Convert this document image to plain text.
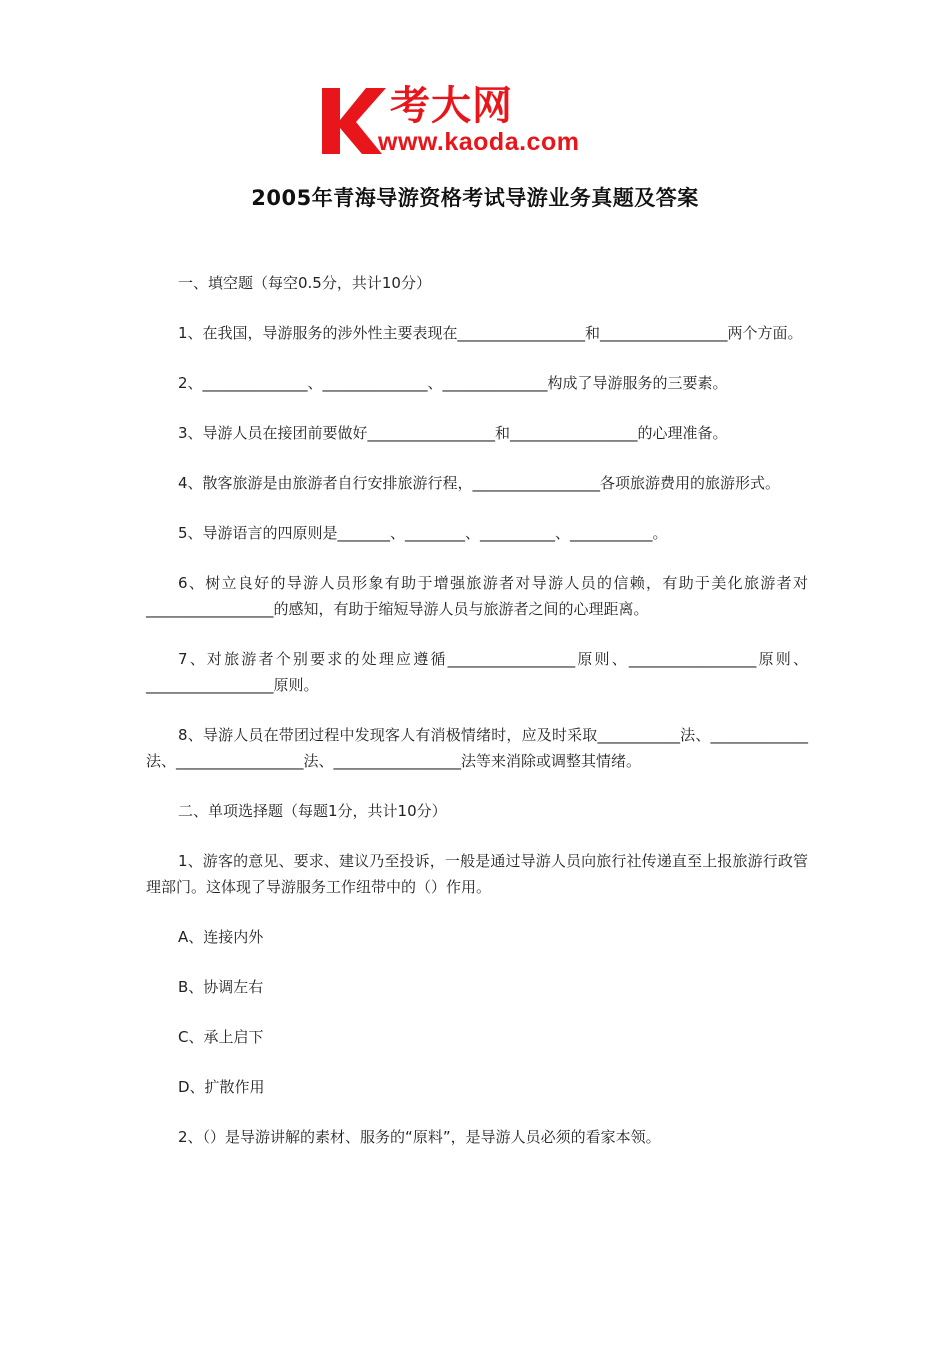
考大网
www.kaoda.com
2005年青海导游资格考试导游业务真题及答案

一、填空题（每空0.5分，共计10分）

1、在我国，导游服务的涉外性主要表现在_________________和_________________两个方面。

2、______________、______________、______________构成了导游服务的三要素。

3、导游人员在接团前要做好_________________和_________________的心理准备。

4、散客旅游是由旅游者自行安排旅游行程，_________________各项旅游费用的旅游形式。

5、导游语言的四原则是_______、________、__________、___________。

6、树立良好的导游人员形象有助于增强旅游者对导游人员的信赖，有助于美化旅游者对_________________的感知，有助于缩短导游人员与旅游者之间的心理距离。

7、对旅游者个别要求的处理应遵循_________________原则、_________________原则、_________________原则。

8、导游人员在带团过程中发现客人有消极情绪时，应及时采取___________法、_____________法、_________________法、_________________法等来消除或调整其情绪。

二、单项选择题（每题1分，共计10分）

1、游客的意见、要求、建议乃至投诉，一般是通过导游人员向旅行社传递直至上报旅游行政管理部门。这体现了导游服务工作纽带中的（）作用。

A、连接内外

B、协调左右

C、承上启下

D、扩散作用

2、（）是导游讲解的素材、服务的“原料”，是导游人员必须的看家本领。
